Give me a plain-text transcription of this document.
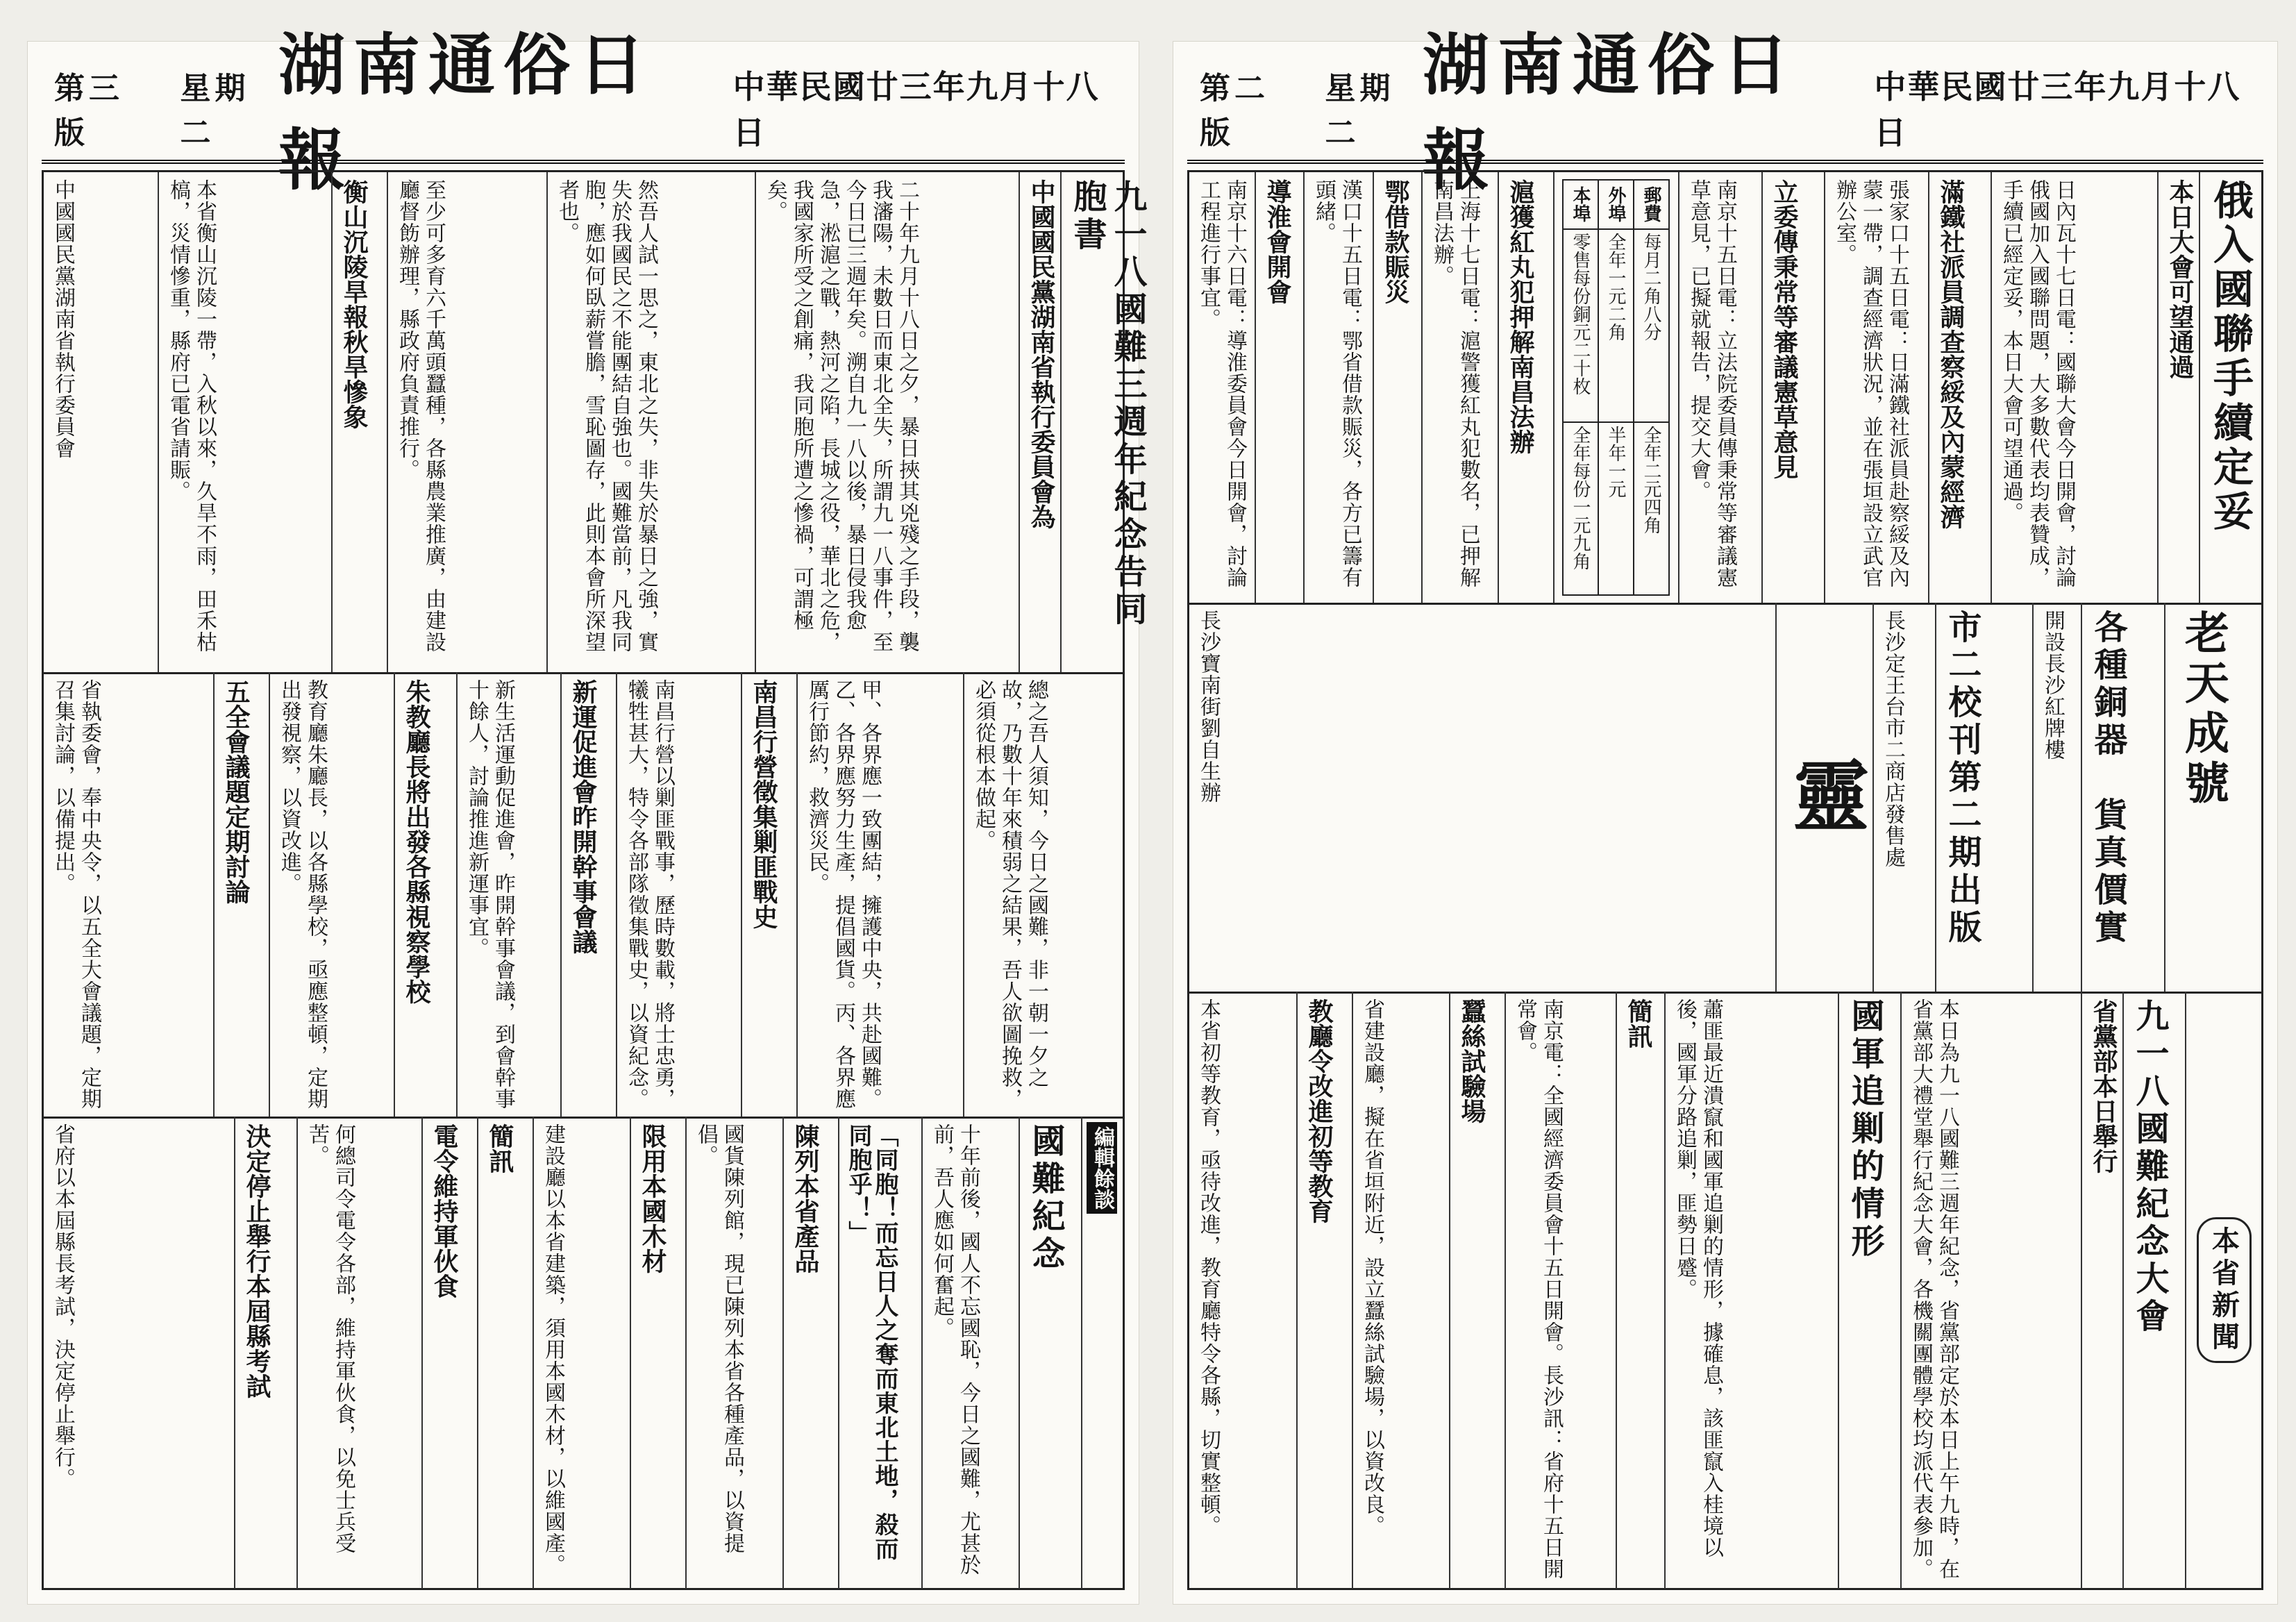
第三版
星期二
湖南通俗日報
中華民國廿三年九月十八日
九一八國難三週年紀念告同胞書
中國國民黨湖南省執行委員會為
二十年九月十八日之夕，暴日挾其兇殘之手段，襲我瀋陽，未數日而東北全失，所謂九一八事件，至今日已三週年矣。溯自九一八以後，暴日侵我愈急，淞滬之戰，熱河之陷，長城之役，華北之危，我國家所受之創痛，我同胞所遭之慘禍，可謂極矣。
然吾人試一思之，東北之失，非失於暴日之強，實失於我國民之不能團結自強也。國難當前，凡我同胞，應如何臥薪嘗膽，雪恥圖存，此則本會所深望者也。
至少可多育六千萬頭蠶種，各縣農業推廣，由建設廳督飭辦理，縣政府負責推行。
衡山沉陵旱報秋旱慘象
本省衡山沉陵一帶，入秋以來，久旱不雨，田禾枯槁，災情慘重，縣府已電省請賑。
中國國民黨湖南省執行委員會
總之吾人須知，今日之國難，非一朝一夕之故，乃數十年來積弱之結果，吾人欲圖挽救，必須從根本做起。
甲、各界應一致團結，擁護中央，共赴國難。乙、各界應努力生產，提倡國貨。丙、各界應厲行節約，救濟災民。
南昌行營徵集剿匪戰史
南昌行營以剿匪戰事，歷時數載，將士忠勇，犧牲甚大，特令各部隊徵集戰史，以資紀念。
新運促進會昨開幹事會議
新生活運動促進會，昨開幹事會議，到會幹事十餘人，討論推進新運事宜。
朱教廳長將出發各縣視察學校
教育廳朱廳長，以各縣學校，亟應整頓，定期出發視察，以資改進。
五全會議題定期討論
省執委會，奉中央令，以五全大會議題，定期召集討論，以備提出。
編輯餘談
國難紀念
十年前後，國人不忘國恥，今日之國難，尤甚於前，吾人應如何奮起。
「同胞！而忘日人之奪而東北土地，殺而同胞乎！」
陳列本省產品
國貨陳列館，現已陳列本省各種產品，以資提倡。
限用本國木材
建設廳以本省建築，須用本國木材，以維國產。
簡訊
電令維持軍伙食
何總司令電令各部，維持軍伙食，以免士兵受苦。
決定停止舉行本屆縣考試
省府以本屆縣長考試，決定停止舉行。
第二版
星期二
湖南通俗日報
中華民國廿三年九月十八日
俄入國聯手續定妥
本日大會可望通過
日內瓦十七日電：國聯大會今日開會，討論俄國加入國聯問題，大多數代表均表贊成，手續已經定妥，本日大會可望通過。
滿鐵社派員調查察綏及內蒙經濟
張家口十五日電：日滿鐵社派員赴察綏及內蒙一帶，調查經濟狀況，並在張垣設立武官辦公室。
立委傳秉常等審議憲草意見
南京十五日電：立法院委員傳秉常等審議憲草意見，已擬就報告，提交大會。
本埠	外埠	郵費
零售每份銅元二十枚	全年一元二角	每月二角八分
全年每份一元九角	半年一元	全年二元四角
滬獲紅丸犯押解南昌法辦
上海十七日電：滬警獲紅丸犯數名，已押解南昌法辦。
鄂借款賑災
漢口十五日電：鄂省借款賑災，各方已籌有頭緒。
導淮會開會
南京十六日電：導淮委員會今日開會，討論工程進行事宜。
老天成號
各種銅器　貨真價實
開設長沙紅牌樓
市二校刊第二期出版
長沙定王台市二商店發售處
靈
長沙寶南街劉自生辦
本省新聞
九一八國難紀念大會
省黨部本日舉行
本日為九一八國難三週年紀念，省黨部定於本日上午九時，在省黨部大禮堂舉行紀念大會，各機關團體學校均派代表參加。
國軍追剿的情形
蕭匪最近潰竄和國軍追剿的情形，據確息，該匪竄入桂境以後，國軍分路追剿，匪勢日蹙。
簡訊
南京電：全國經濟委員會十五日開會。長沙訊：省府十五日開常會。
蠶絲試驗場
省建設廳，擬在省垣附近，設立蠶絲試驗場，以資改良。
教廳令改進初等教育
本省初等教育，亟待改進，教育廳特令各縣，切實整頓。
